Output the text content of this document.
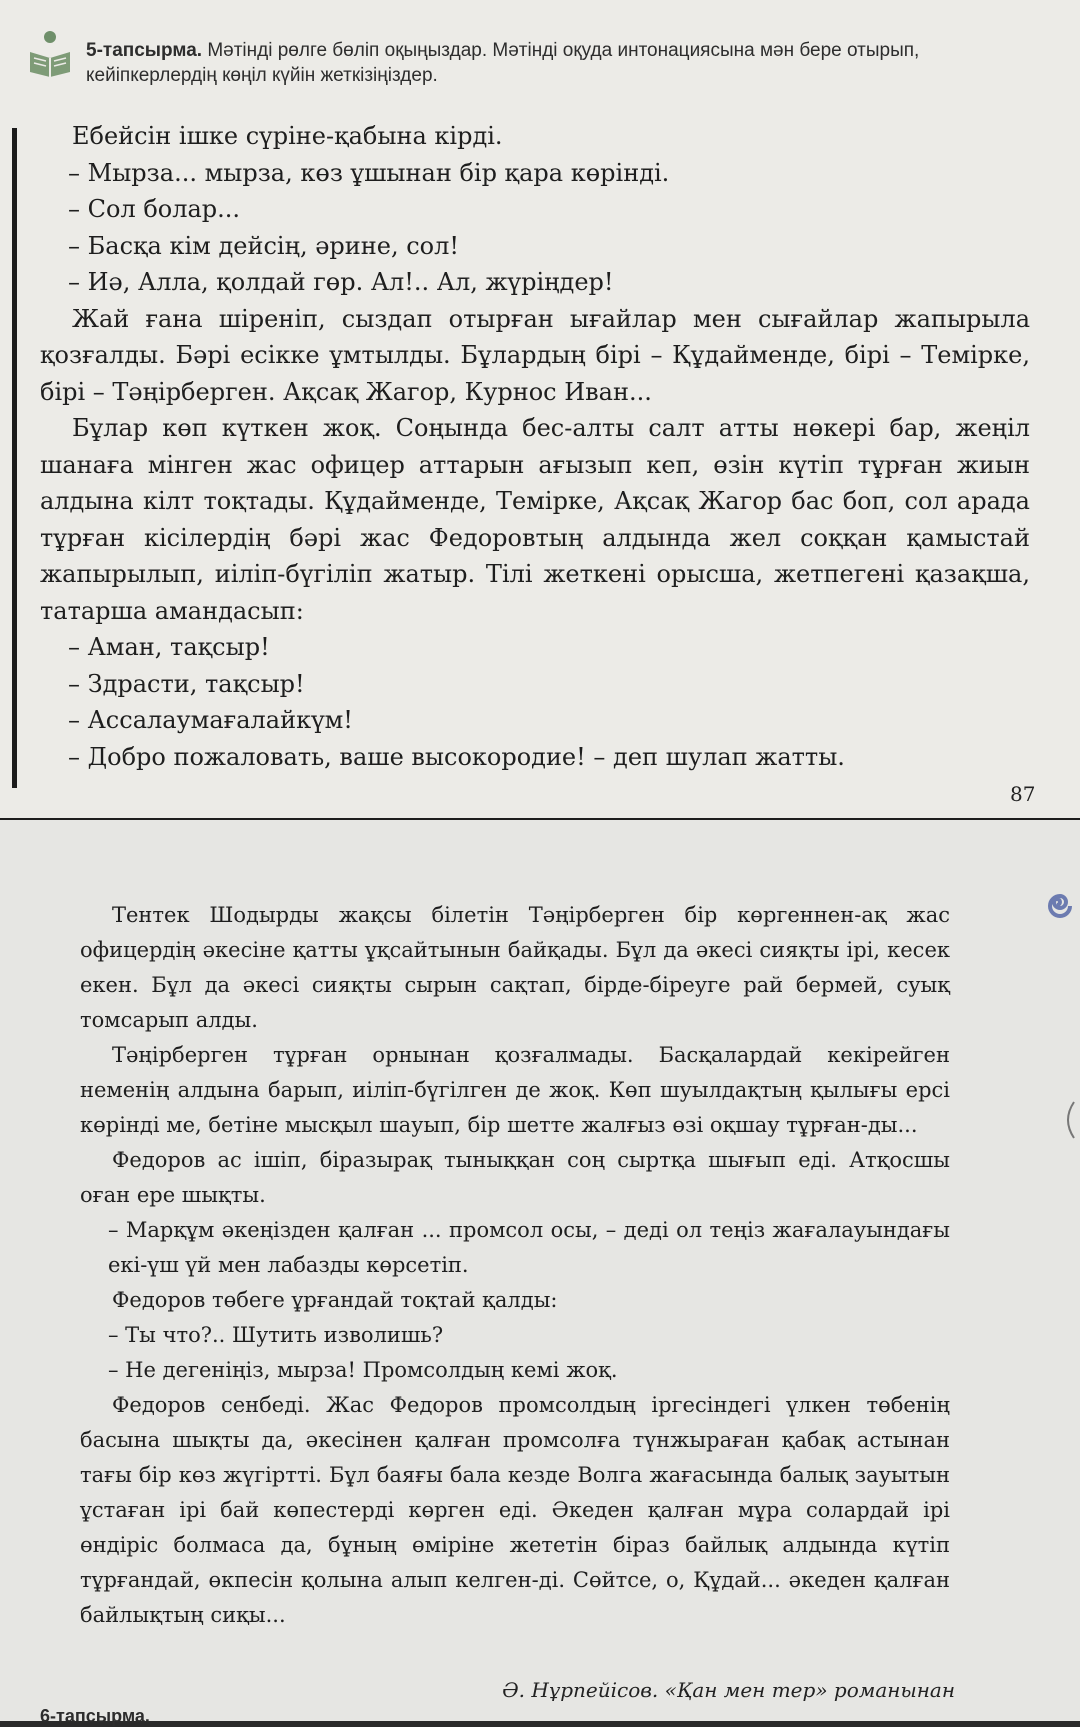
5-тапсырма. Мәтінді рөлге бөліп оқыңыздар. Мәтінді оқуда интонациясына мән бере отырып, кейіпкерлердің көңіл күйін жеткізіңіздер.

Ебейсін ішке сүріне-қабына кірді.

– Мырза... мырза, көз ұшынан бір қара көрінді.

– Сол болар...

– Басқа кім дейсің, әрине, сол!

– Иә, Алла, қолдай гөр. Ал!.. Ал, жүріңдер!

Жай ғана шіреніп, сыздап отырған ығайлар мен сығайлар жапырыла қозғалды. Бәрі есікке ұмтылды. Бұлардың бірі – Құдайменде, бірі – Темірке, бірі – Тәңірберген. Ақсақ Жагор, Курнос Иван...

Бұлар көп күткен жоқ. Соңында бес-алты салт атты нөкері бар, жеңіл шанаға мінген жас офицер аттарын ағызып кеп, өзін күтіп тұрған жиын алдына кілт тоқтады. Құдайменде, Темірке, Ақсақ Жагор бас боп, сол арада тұрған кісілердің бәрі жас Федоровтың алдында жел соққан қамыстай жапырылып, иіліп-бүгіліп жатыр. Тілі жеткені орысша, жетпегені қазақша, татарша амандасып:

– Аман, тақсыр!

– Здрасти, тақсыр!

– Ассалаумағалайкүм!

– Добро пожаловать, ваше высокородие! – деп шулап жатты.

87

Тентек Шодырды жақсы білетін Тәңірберген бір көргеннен-ақ жас офицердің әкесіне қатты ұқсайтынын байқады. Бұл да әкесі сияқты ірі, кесек екен. Бұл да әкесі сияқты сырын сақтап, бірде-біреуге рай бермей, суық томсарып алды.

Тәңірберген тұрған орнынан қозғалмады. Басқалардай кекірейген неменің алдына барып, иіліп-бүгілген де жоқ. Көп шуылдақтың қылығы ерсі көрінді ме, бетіне мысқыл шауып, бір шетте жалғыз өзі оқшау тұрған-ды...

Федоров ас ішіп, біразырақ тыныққан соң сыртқа шығып еді. Атқосшы оған ере шықты.

– Марқұм әкеңізден қалған ... промсол осы, – деді ол теңіз жағалауындағы екі-үш үй мен лабазды көрсетіп.

Федоров төбеге ұрғандай тоқтай қалды:

– Ты что?.. Шутить изволишь?

– Не дегеніңіз, мырза! Промсолдың кемі жоқ.

Федоров сенбеді. Жас Федоров промсолдың іргесіндегі үлкен төбенің басына шықты да, әкесінен қалған промсолға түнжыраған қабақ астынан тағы бір көз жүгіртті. Бұл баяғы бала кезде Волга жағасында балық зауытын ұстаған ірі бай көпестерді көрген еді. Әкеден қалған мұра солардай ірі өндіріс болмаса да, бұның өміріне жететін біраз байлық алдында күтіп тұрғандай, өкпесін қолына алып келген-ді. Сөйтсе, о, Құдай... әкеден қалған байлықтың сиқы...

Ә. Нұрпейісов. «Қан мен тер» романынан
6-тапсырма.
